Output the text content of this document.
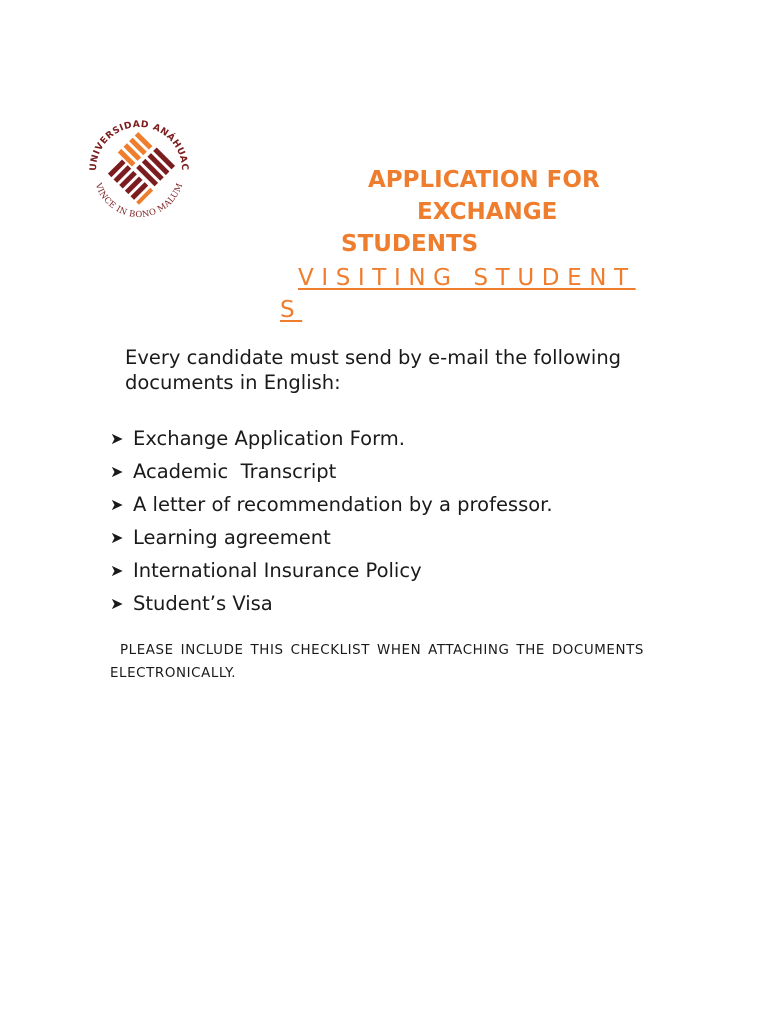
UNIVERSIDAD ANÁHUAC
VINCE IN BONO MALUM	APPLICATION FOR
EXCHANGE
STUDENTS
VISITING STUDENTS
Every candidate must send by e-mail the following documents in English:
➤ Exchange Application Form.
➤ Academic  Transcript
➤ A letter of recommendation by a professor.
➤ Learning agreement
➤ International Insurance Policy
➤ Student’s Visa
PLEASE INCLUDE THIS CHECKLIST WHEN ATTACHING THE DOCUMENTS ELECTRONICALLY.
